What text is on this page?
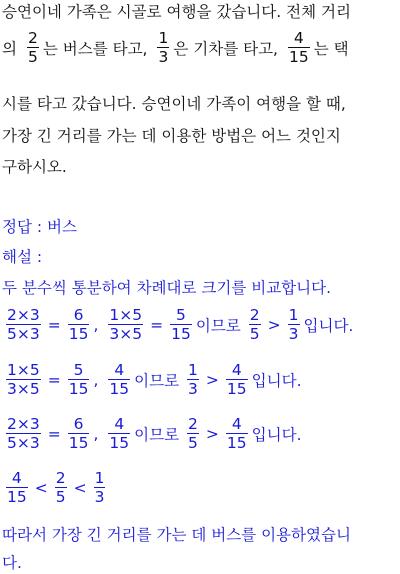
승연이네 가족은 시골로 여행을 갔습니다. 전체 거리
의 $\frac{2}{5}$ 는 버스를 타고, $\frac{1}{3}$ 은 기차를 타고, $\frac{4}{15}$ 는 택
시를 타고 갔습니다. 승연이네 가족이 여행을 할 때,
가장 긴 거리를 가는 데 이용한 방법은 어느 것인지
구하시오.
정답 : 버스
해설 :
두 분수씩 통분하여 차례대로 크기를 비교합니다.
$\frac{2\times 3}{5\times 3} = \frac{6}{15}$ , $\frac{1\times 5}{3\times 5} = \frac{5}{15}$ 이므로 $\frac{2}{5} > \frac{1}{3}$ 입니다.
$\frac{1\times 5}{3\times 5} = \frac{5}{15}$ , $\frac{4}{15}$ 이므로 $\frac{1}{3} > \frac{4}{15}$ 입니다.
$\frac{2\times 3}{5\times 3} = \frac{6}{15}$ , $\frac{4}{15}$ 이므로 $\frac{2}{5} > \frac{4}{15}$ 입니다.
$\frac{4}{15} < \frac{2}{5} < \frac{1}{3}$
따라서 가장 긴 거리를 가는 데 버스를 이용하였습니
다.
